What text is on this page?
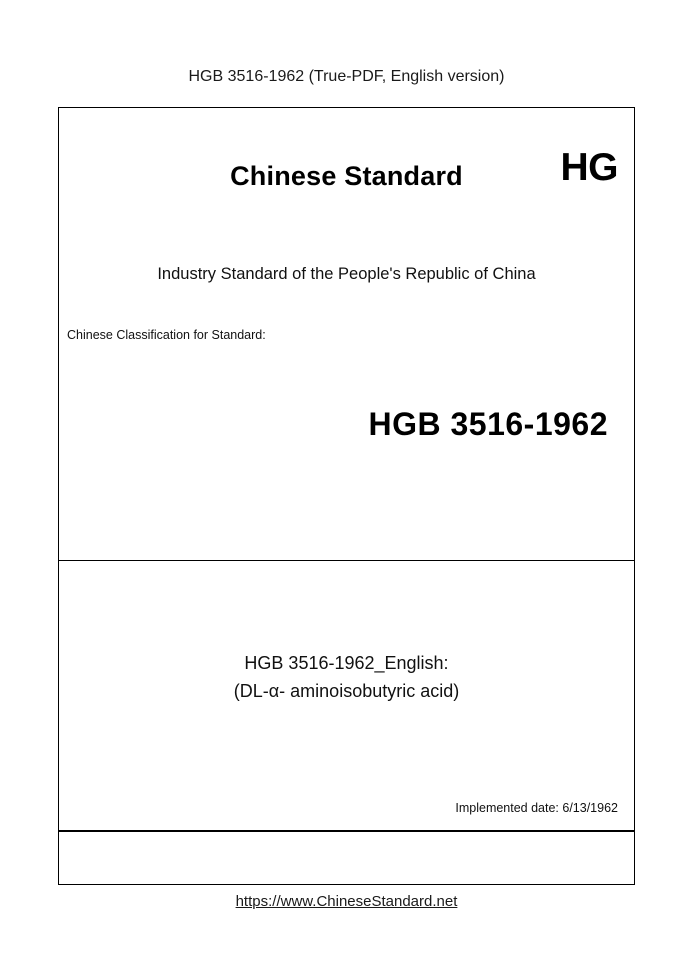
HGB 3516-1962 (True-PDF, English version)
Chinese Standard	HG
Industry Standard of the People's Republic of China
Chinese Classification for Standard:
HGB 3516-1962
HGB 3516-1962_English:
(DL-α- aminoisobutyric acid)
Implemented date: 6/13/1962
https://www.ChineseStandard.net
